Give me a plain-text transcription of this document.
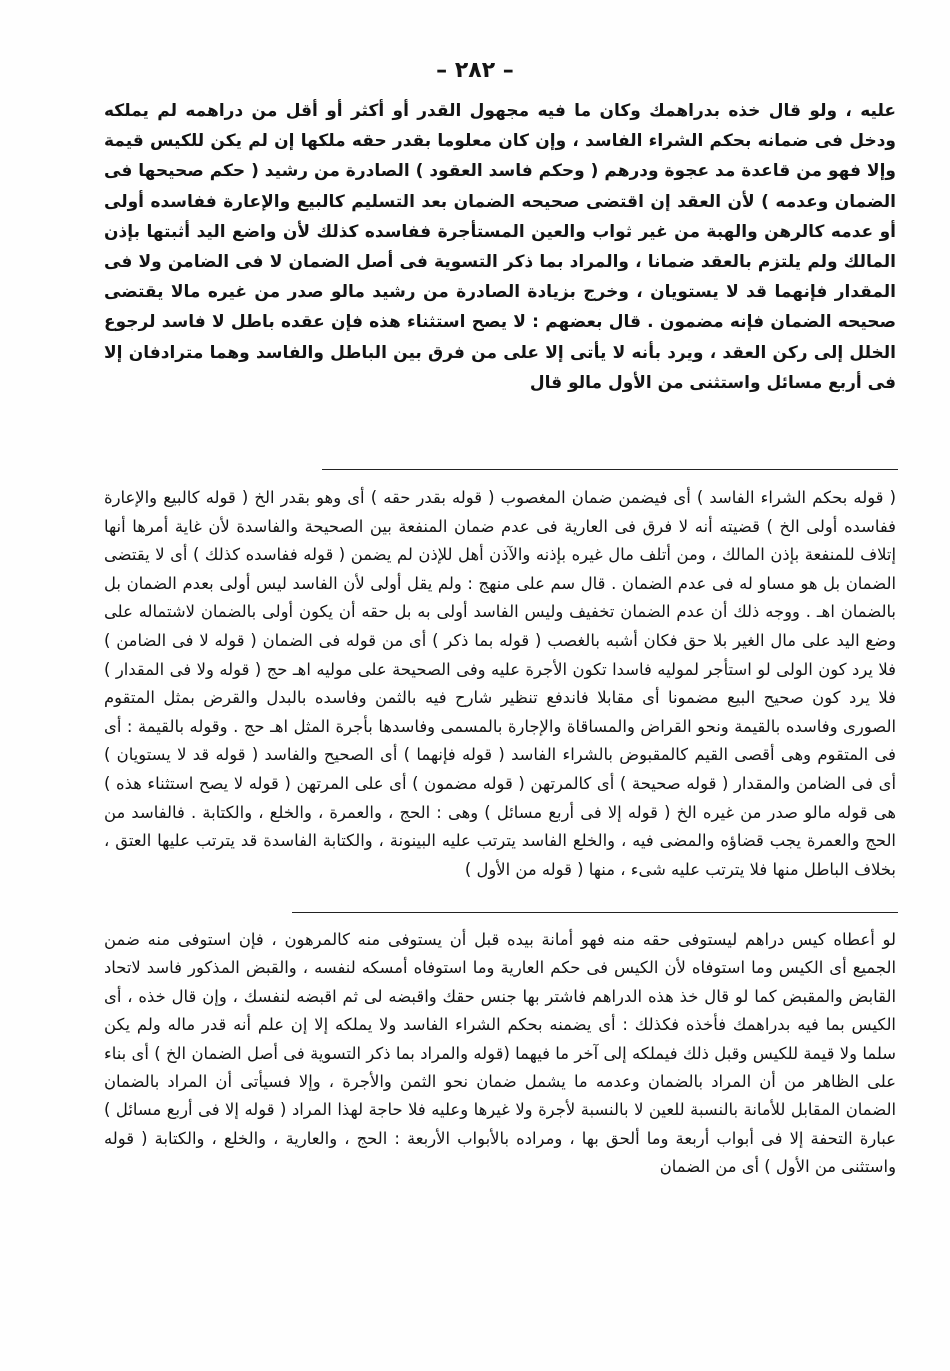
– ٢٨٢ –

عليه ، ولو قال خذه بدراهمك وكان ما فيه مجهول القدر أو أكثر أو أقل من دراهمه لم يملكه ودخل فى ضمانه بحكم الشراء الفاسد ، وإن كان معلوما بقدر حقه ملكها إن لم يكن للكيس قيمة وإلا فهو من قاعدة مد عجوة ودرهم ( وحكم فاسد العقود ) الصادرة من رشيد ( حكم صحيحها فى الضمان وعدمه ) لأن العقد إن اقتضى صحيحه الضمان بعد التسليم كالبيع والإعارة ففاسده أولى أو عدمه كالرهن والهبة من غير ثواب والعين المستأجرة ففاسده كذلك لأن واضع اليد أثبتها بإذن المالك ولم يلتزم بالعقد ضمانا ، والمراد بما ذكر التسوية فى أصل الضمان لا فى الضامن ولا فى المقدار فإنهما قد لا يستويان ، وخرج بزيادة الصادرة من رشيد مالو صدر من غيره مالا يقتضى صحيحه الضمان فإنه مضمون . قال بعضهم : لا يصح استثناء هذه فإن عقده باطل لا فاسد لرجوع الخلل إلى ركن العقد ، ويرد بأنه لا يأتى إلا على من فرق بين الباطل والفاسد وهما مترادفان إلا فى أربع مسائل واستثنى من الأول مالو قال

( قوله بحكم الشراء الفاسد ) أى فيضمن ضمان المغصوب ( قوله بقدر حقه ) أى وهو بقدر الخ ( قوله كالبيع والإعارة ففاسده أولى الخ ) قضيته أنه لا فرق فى العارية فى عدم ضمان المنفعة بين الصحيحة والفاسدة لأن غاية أمرها أنها إتلاف للمنفعة بإذن المالك ، ومن أتلف مال غيره بإذنه والآذن أهل للإذن لم يضمن ( قوله ففاسده كذلك ) أى لا يقتضى الضمان بل هو مساو له فى عدم الضمان . قال سم على منهج : ولم يقل أولى لأن الفاسد ليس أولى بعدم الضمان بل بالضمان اهـ . ووجه ذلك أن عدم الضمان تخفيف وليس الفاسد أولى به بل حقه أن يكون أولى بالضمان لاشتماله على وضع اليد على مال الغير بلا حق فكان أشبه بالغصب ( قوله بما ذكر ) أى من قوله فى الضمان ( قوله لا فى الضامن ) فلا يرد كون الولى لو استأجر لموليه فاسدا تكون الأجرة عليه وفى الصحيحة على موليه اهـ حج ( قوله ولا فى المقدار ) فلا يرد كون صحيح البيع مضمونا أى مقابلا فاندفع تنظير شارح فيه بالثمن وفاسده بالبدل والقرض بمثل المتقوم الصورى وفاسده بالقيمة ونحو القراض والمساقاة والإجارة بالمسمى وفاسدها بأجرة المثل اهـ حج . وقوله بالقيمة : أى فى المتقوم وهى أقصى القيم كالمقبوض بالشراء الفاسد ( قوله فإنهما ) أى الصحيح والفاسد ( قوله قد لا يستويان ) أى فى الضامن والمقدار ( قوله صحيحة ) أى كالمرتهن ( قوله مضمون ) أى على المرتهن ( قوله لا يصح استثناء هذه ) هى قوله مالو صدر من غيره الخ ( قوله إلا فى أربع مسائل ) وهى : الحج ، والعمرة ، والخلع ، والكتابة . فالفاسد من الحج والعمرة يجب قضاؤه والمضى فيه ، والخلع الفاسد يترتب عليه البينونة ، والكتابة الفاسدة قد يترتب عليها العتق ، بخلاف الباطل منها فلا يترتب عليه شىء ، منها ( قوله من الأول )

لو أعطاه كيس دراهم ليستوفى حقه منه فهو أمانة بيده قبل أن يستوفى منه كالمرهون ، فإن استوفى منه ضمن الجميع أى الكيس وما استوفاه لأن الكيس فى حكم العارية وما استوفاه أمسكه لنفسه ، والقبض المذكور فاسد لاتحاد القابض والمقبض كما لو قال خذ هذه الدراهم فاشتر بها جنس حقك واقبضه لى ثم اقبضه لنفسك ، وإن قال خذه ، أى الكيس بما فيه بدراهمك فأخذه فكذلك : أى يضمنه بحكم الشراء الفاسد ولا يملكه إلا إن علم أنه قدر ماله ولم يكن سلما ولا قيمة للكيس وقبل ذلك فيملكه إلى آخر ما فيهما (قوله والمراد بما ذكر التسوية فى أصل الضمان الخ ) أى بناء على الظاهر من أن المراد بالضمان وعدمه ما يشمل ضمان نحو الثمن والأجرة ، وإلا فسيأتى أن المراد بالضمان الضمان المقابل للأمانة بالنسبة للعين لا بالنسبة لأجرة ولا غيرها وعليه فلا حاجة لهذا المراد ( قوله إلا فى أربع مسائل ) عبارة التحفة إلا فى أبواب أربعة وما ألحق بها ، ومراده بالأبواب الأربعة : الحج ، والعارية ، والخلع ، والكتابة ( قوله واستثنى من الأول ) أى من الضمان
